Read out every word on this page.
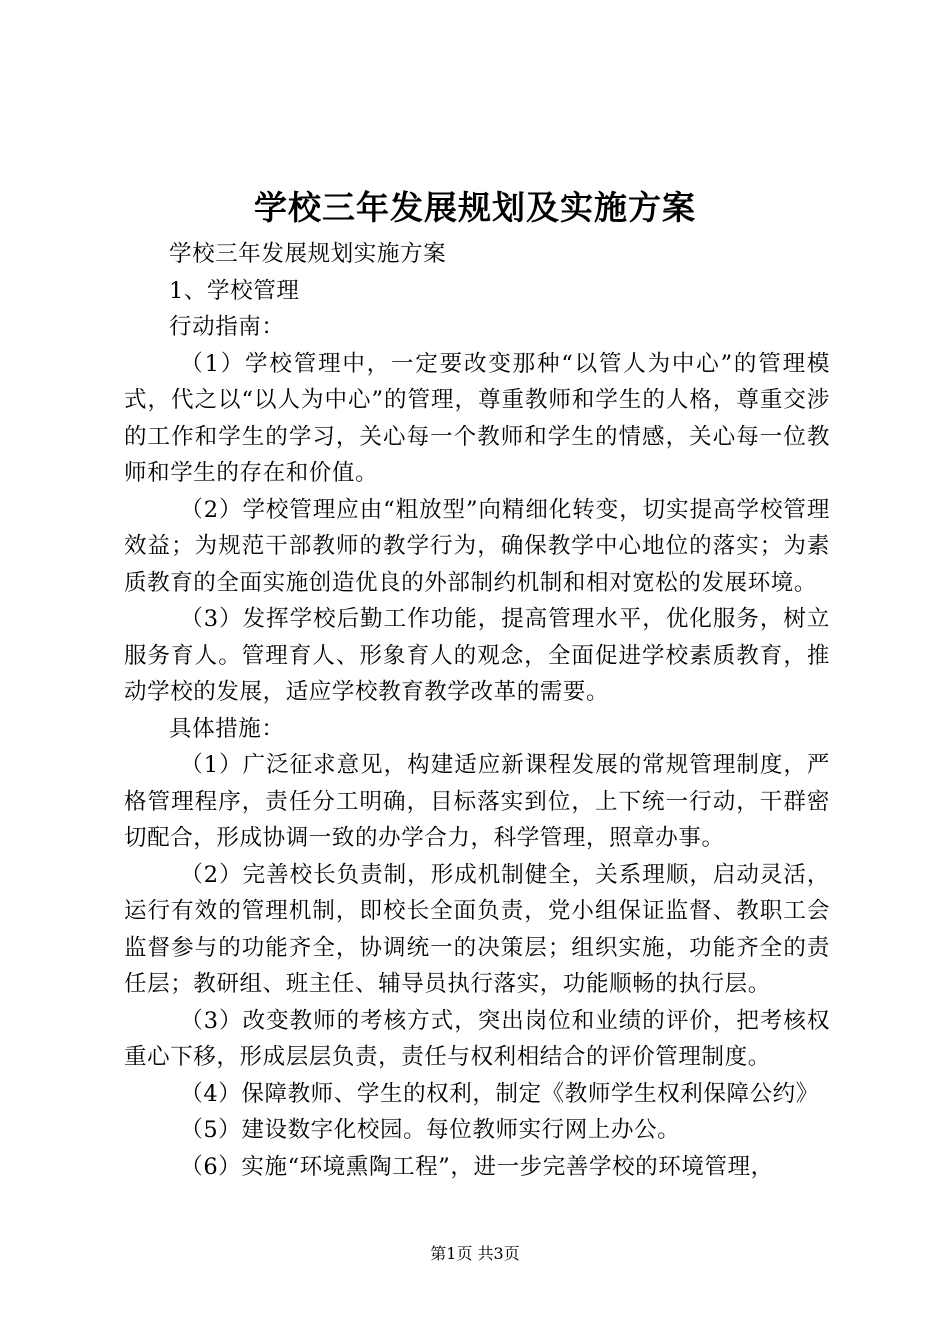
学校三年发展规划及实施方案

学校三年发展规划实施方案

1、学校管理

行动指南：

（1）学校管理中，一定要改变那种“以管人为中心”的管理模式，代之以“以人为中心”的管理，尊重教师和学生的人格，尊重交涉的工作和学生的学习，关心每一个教师和学生的情感，关心每一位教师和学生的存在和价值。

（2）学校管理应由“粗放型”向精细化转变，切实提高学校管理效益；为规范干部教师的教学行为，确保教学中心地位的落实；为素质教育的全面实施创造优良的外部制约机制和相对宽松的发展环境。

（3）发挥学校后勤工作功能，提高管理水平，优化服务，树立服务育人。管理育人、形象育人的观念，全面促进学校素质教育，推动学校的发展，适应学校教育教学改革的需要。

具体措施：

（1）广泛征求意见，构建适应新课程发展的常规管理制度，严格管理程序，责任分工明确，目标落实到位，上下统一行动，干群密切配合，形成协调一致的办学合力，科学管理，照章办事。

（2）完善校长负责制，形成机制健全，关系理顺，启动灵活，运行有效的管理机制，即校长全面负责，党小组保证监督、教职工会监督参与的功能齐全，协调统一的决策层；组织实施，功能齐全的责任层；教研组、班主任、辅导员执行落实，功能顺畅的执行层。

（3）改变教师的考核方式，突出岗位和业绩的评价，把考核权重心下移，形成层层负责，责任与权利相结合的评价管理制度。

（4）保障教师、学生的权利，制定《教师学生权利保障公约》

（5）建设数字化校园。每位教师实行网上办公。

（6）实施“环境熏陶工程”，进一步完善学校的环境管理，

第1页 共3页
